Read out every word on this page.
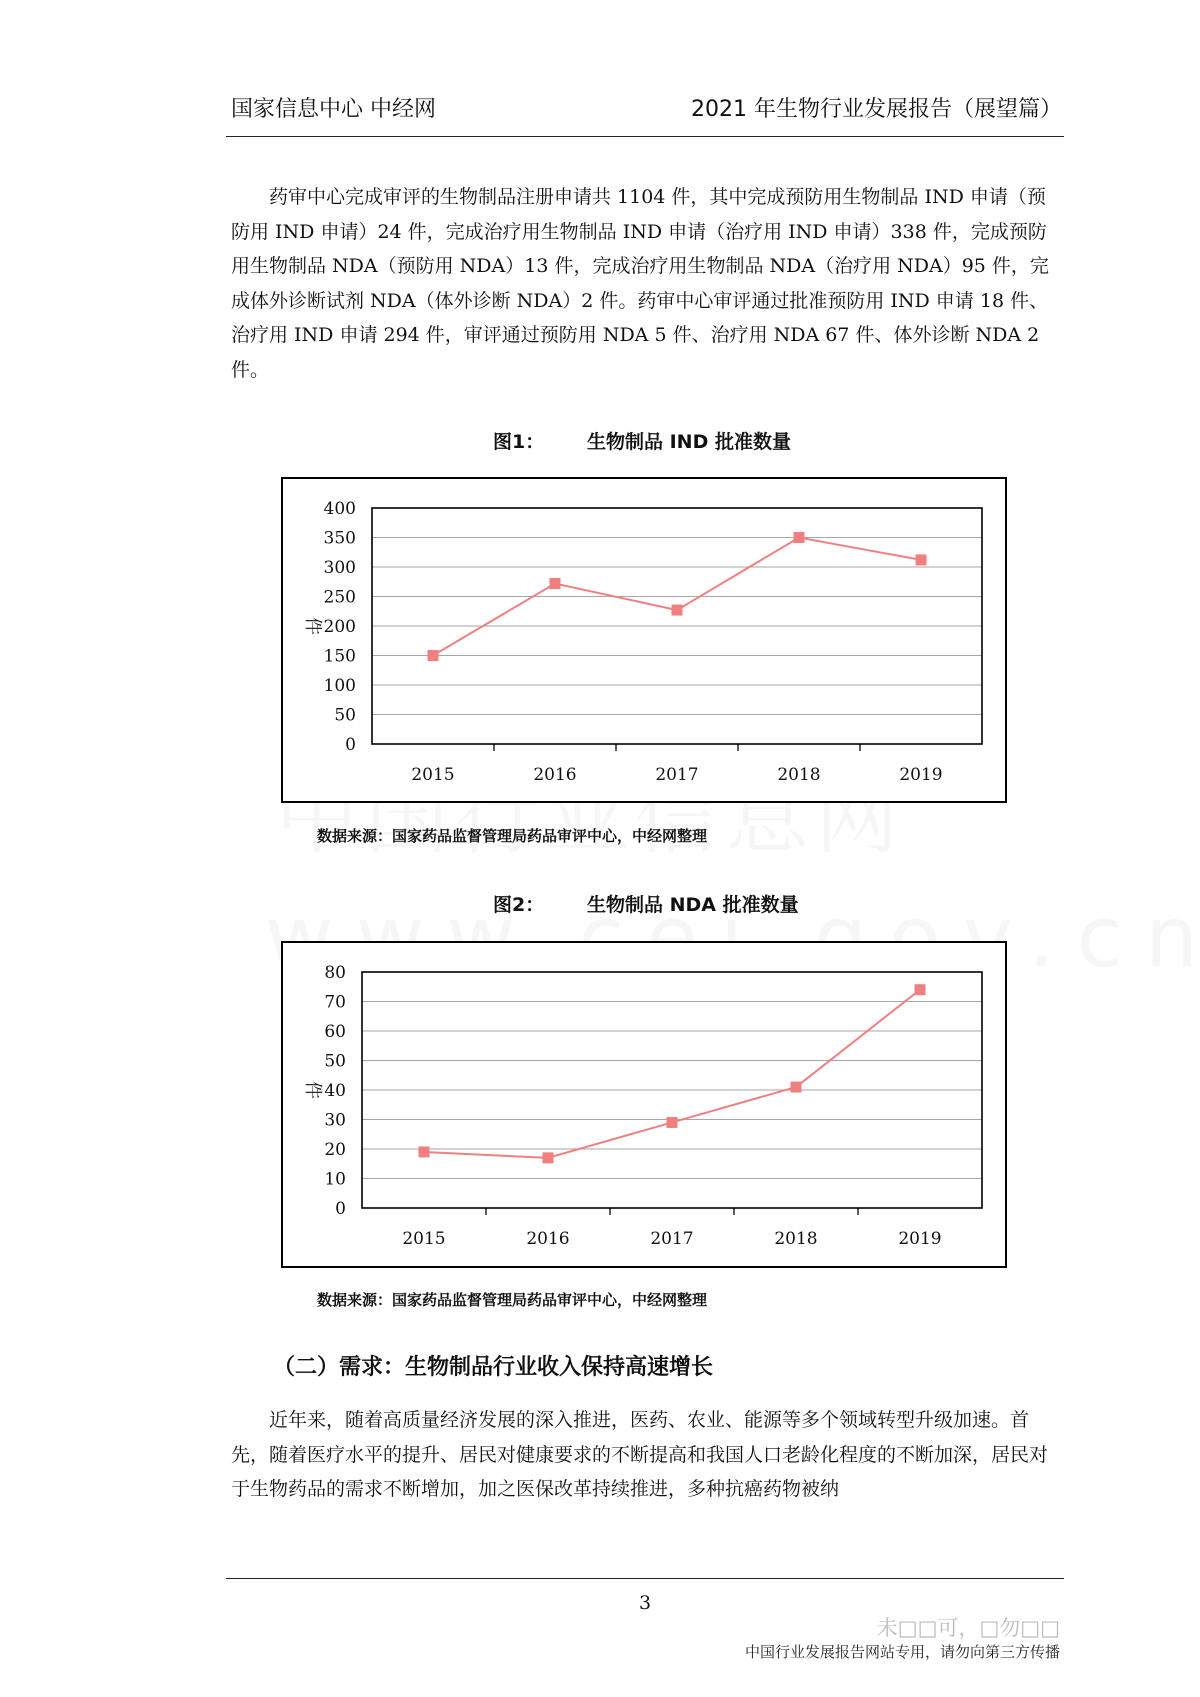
国家信息中心 中经网	2021 年生物行业发展报告（展望篇）

药审中心完成审评的生物制品注册申请共 1104 件，其中完成预防用生物制品 IND 申请（预防用 IND 申请）24 件，完成治疗用生物制品 IND 申请（治疗用 IND 申请）338 件，完成预防用生物制品 NDA（预防用 NDA）13 件，完成治疗用生物制品 NDA（治疗用 NDA）95 件，完成体外诊断试剂 NDA（体外诊断 NDA）2 件。药审中心审评通过批准预防用 IND 申请 18 件、治疗用 IND 申请 294 件，审评通过预防用 NDA 5 件、治疗用 NDA 67 件、体外诊断 NDA 2 件。

图1： 生物制品 IND 批准数量
0
50
100
150
200
250
300
350
400
2015	2016	2017	2018	2019
件
数据来源：国家药品监督管理局药品审评中心，中经网整理
图2： 生物制品 NDA 批准数量
0
10
20
30
40
50
60
70
80
2015	2016	2017	2018	2019
件
数据来源：国家药品监督管理局药品审评中心，中经网整理
（二）需求：生物制品行业收入保持高速增长

近年来，随着高质量经济发展的深入推进，医药、农业、能源等多个领域转型升级加速。首先，随着医疗水平的提升、居民对健康要求的不断提高和我国人口老龄化程度的不断加深，居民对于生物药品的需求不断增加，加之医保改革持续推进，多种抗癌药物被纳

3
未□□可，□勿□□
中国行业发展报告网站专用，请勿向第三方传播
